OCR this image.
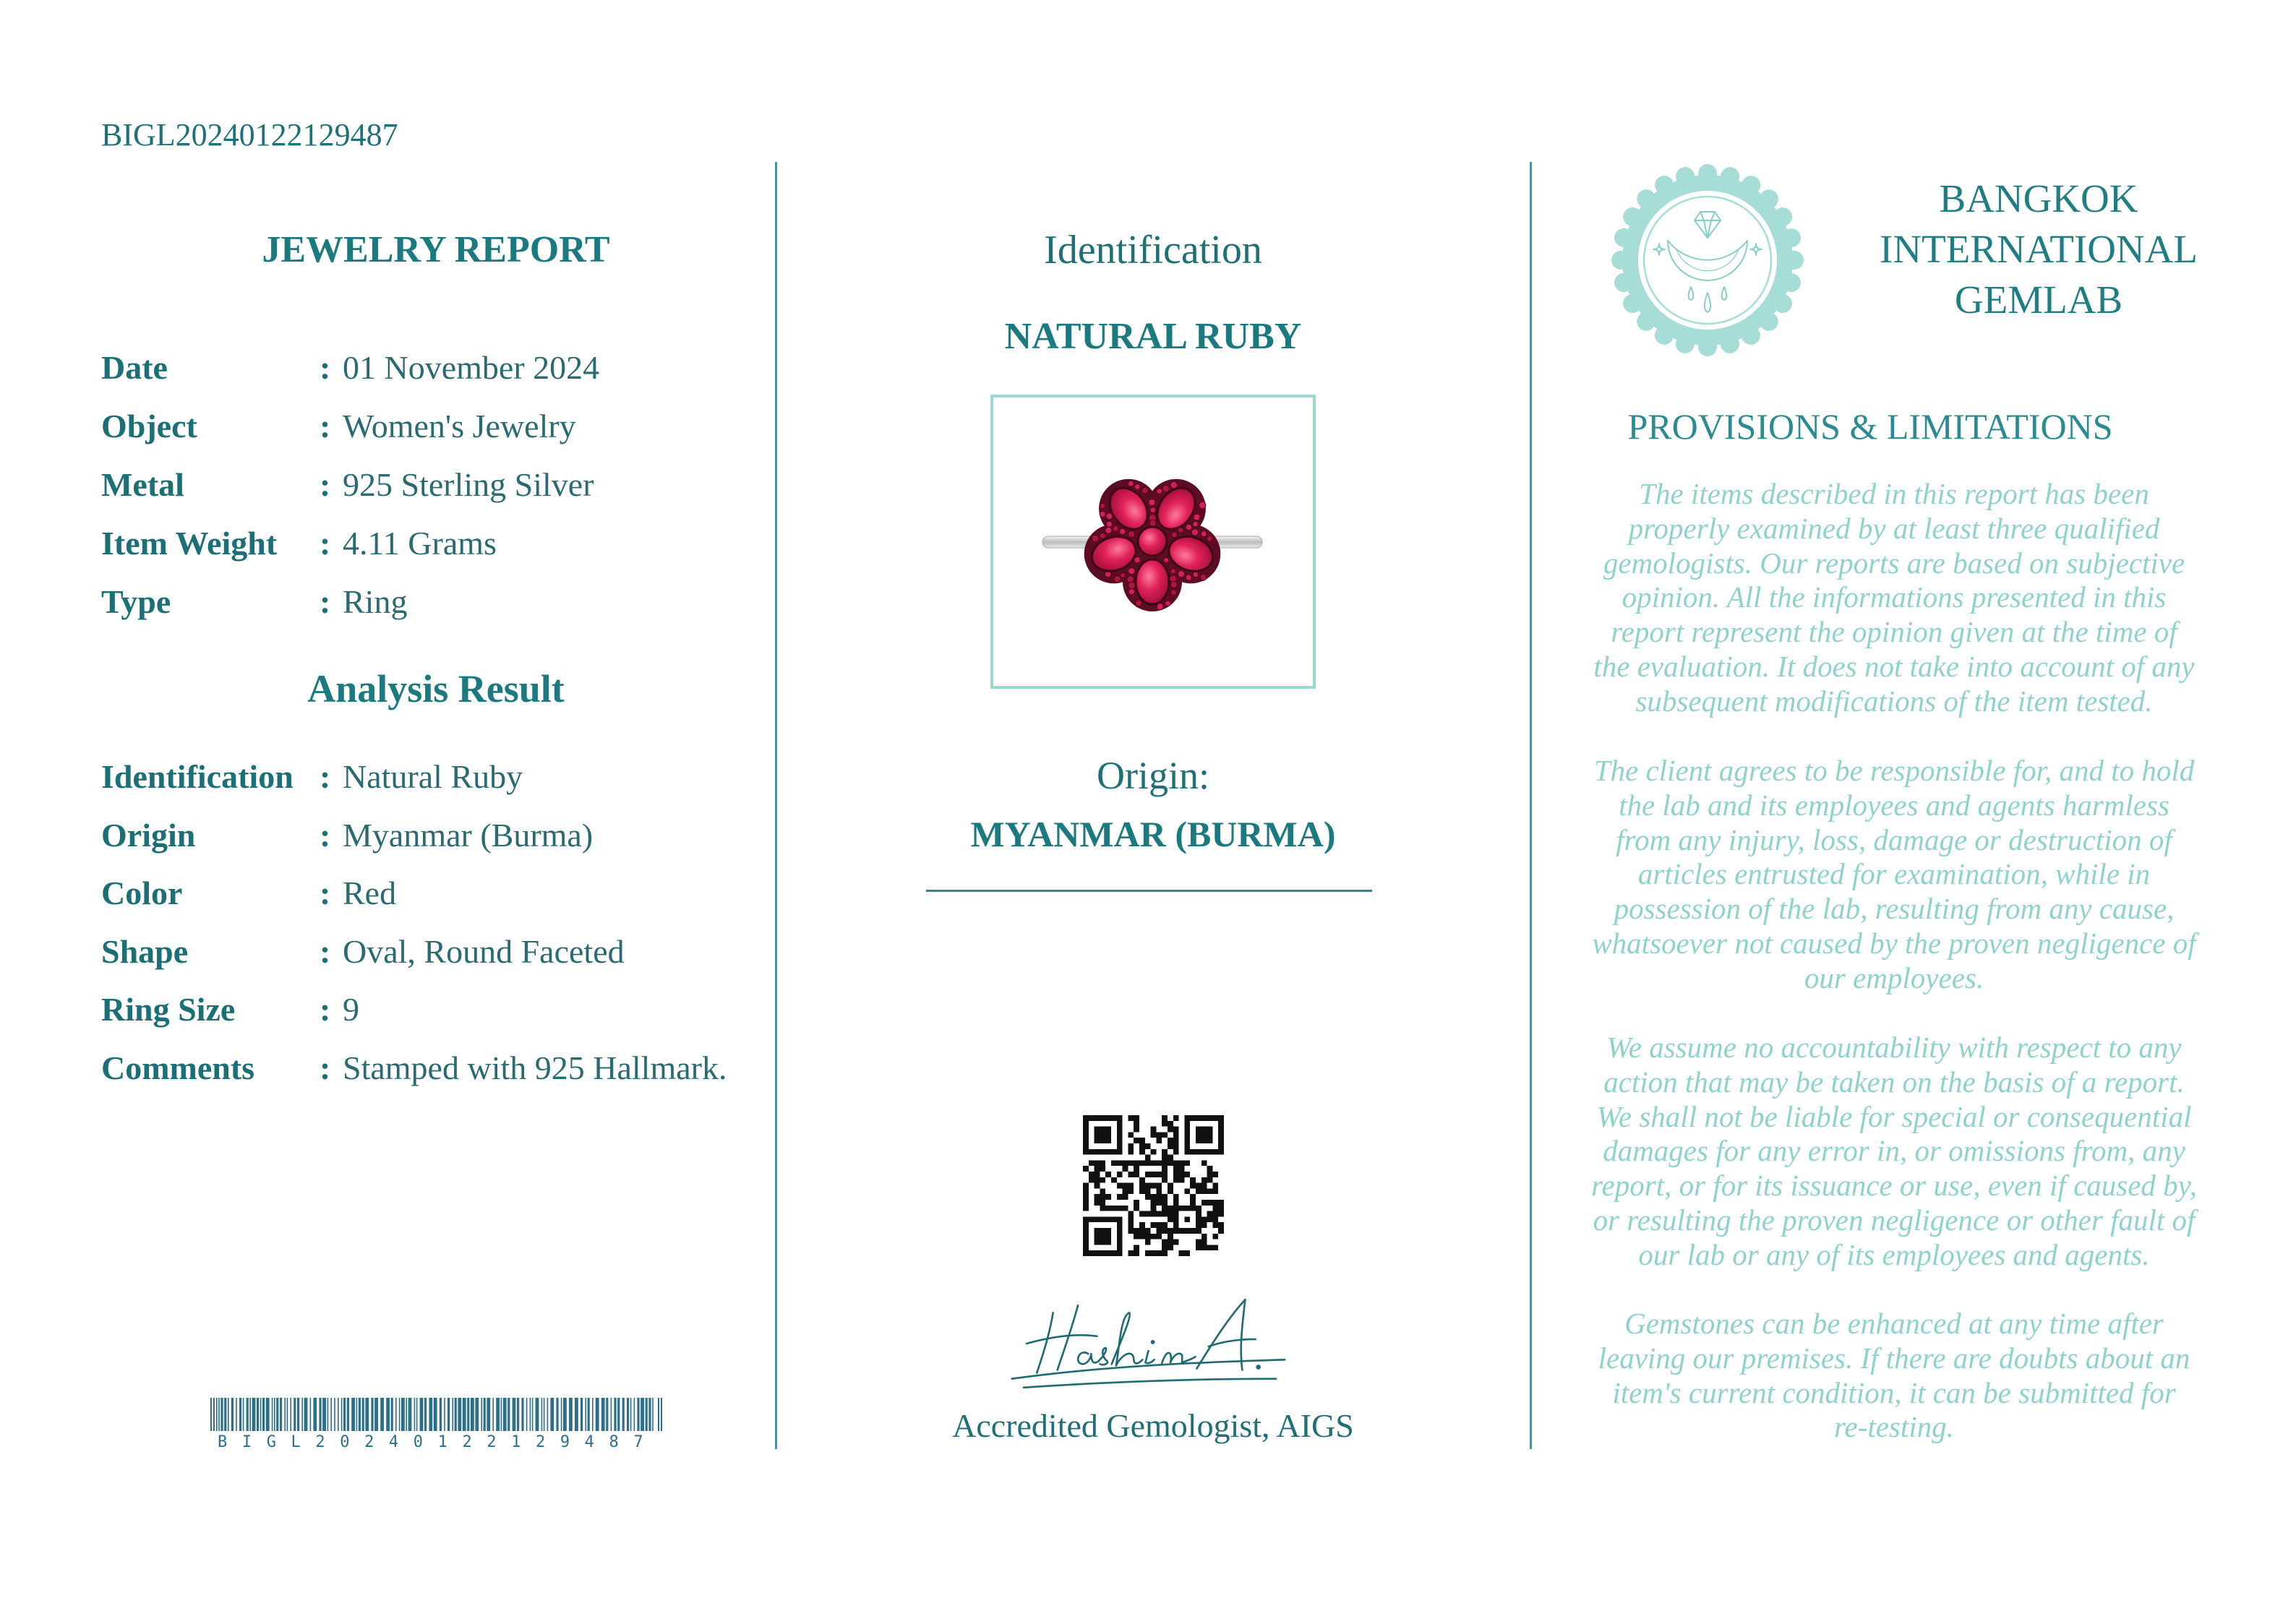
BIGL20240122129487
JEWELRY REPORT
Date	: 01 November 2024
Object	: Women's Jewelry
Metal	: 925 Sterling Silver
Item Weight : 4.11 Grams
Type	: Ring
Analysis Result
Identification : Natural Ruby
Origin	: Myanmar (Burma)
Color	: Red
Shape	: Oval, Round Faceted
Ring Size	: 9
Comments : Stamped with 925 Hallmark.
BIGL20240122129487
Identification
NATURAL RUBY
Origin:
MYANMAR (BURMA)
Accredited Gemologist, AIGS
BANGKOK
INTERNATIONAL
GEMLAB
PROVISIONS & LIMITATIONS
The items described in this report has been
properly examined by at least three qualified
gemologists. Our reports are based on subjective
opinion. All the informations presented in this
report represent the opinion given at the time of
the evaluation. It does not take into account of any
subsequent modifications of the item tested.
The client agrees to be responsible for, and to hold
the lab and its employees and agents harmless
from any injury, loss, damage or destruction of
articles entrusted for examination, while in
possession of the lab, resulting from any cause,
whatsoever not caused by the proven negligence of
our employees.
We assume no accountability with respect to any
action that may be taken on the basis of a report.
We shall not be liable for special or consequential
damages for any error in, or omissions from, any
report, or for its issuance or use, even if caused by,
or resulting the proven negligence or other fault of
our lab or any of its employees and agents.
Gemstones can be enhanced at any time after
leaving our premises. If there are doubts about an
item's current condition, it can be submitted for
re-testing.
